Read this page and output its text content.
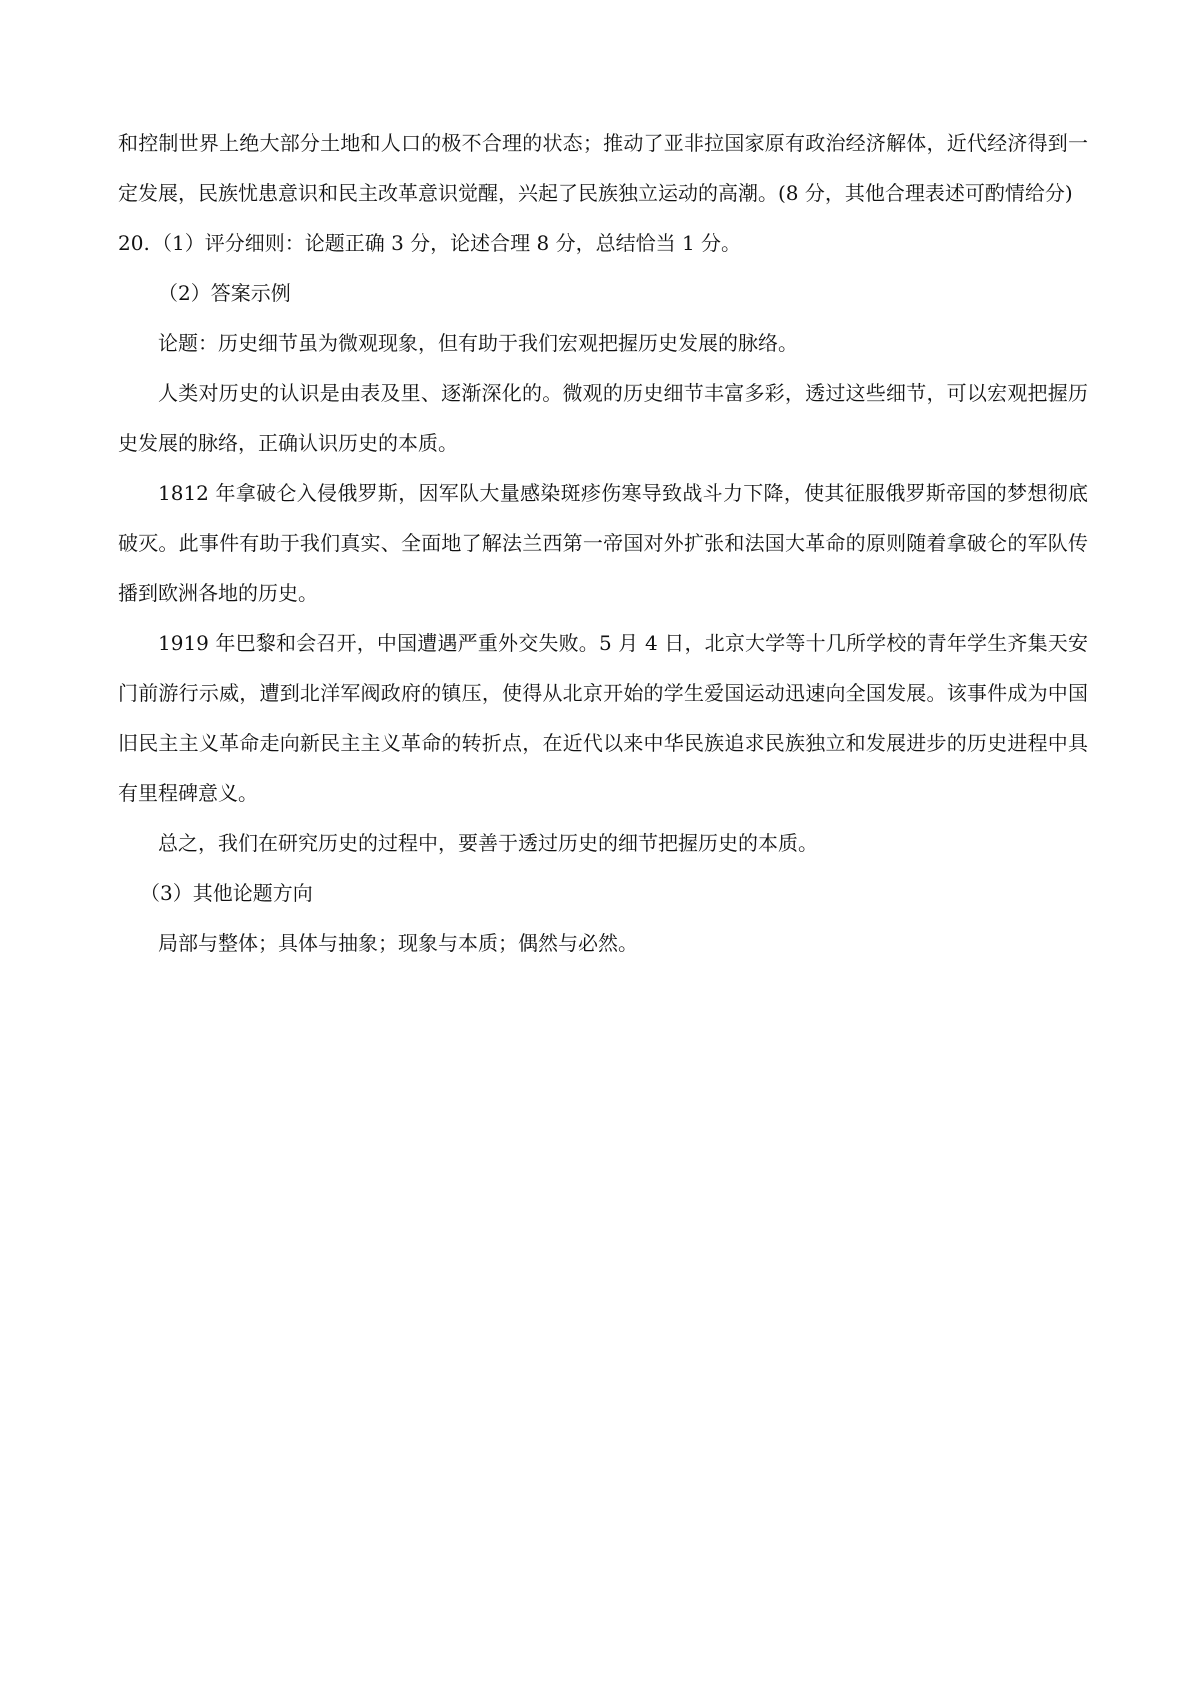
和控制世界上绝大部分土地和人口的极不合理的状态；推动了亚非拉国家原有政治经济解体，近代经济得到一定发展，民族忧患意识和民主改革意识觉醒，兴起了民族独立运动的高潮。(8 分，其他合理表述可酌情给分)

20. （1）评分细则：论题正确 3 分，论述合理 8 分，总结恰当 1 分。

（2）答案示例

论题：历史细节虽为微观现象，但有助于我们宏观把握历史发展的脉络。

人类对历史的认识是由表及里、逐渐深化的。微观的历史细节丰富多彩，透过这些细节，可以宏观把握历史发展的脉络，正确认识历史的本质。

1812 年拿破仑入侵俄罗斯，因军队大量感染斑疹伤寒导致战斗力下降，使其征服俄罗斯帝国的梦想彻底破灭。此事件有助于我们真实、全面地了解法兰西第一帝国对外扩张和法国大革命的原则随着拿破仑的军队传播到欧洲各地的历史。

1919 年巴黎和会召开，中国遭遇严重外交失败。5 月 4 日，北京大学等十几所学校的青年学生齐集天安门前游行示威，遭到北洋军阀政府的镇压，使得从北京开始的学生爱国运动迅速向全国发展。该事件成为中国旧民主主义革命走向新民主主义革命的转折点，在近代以来中华民族追求民族独立和发展进步的历史进程中具有里程碑意义。

总之，我们在研究历史的过程中，要善于透过历史的细节把握历史的本质。

（3）其他论题方向

局部与整体；具体与抽象；现象与本质；偶然与必然。
